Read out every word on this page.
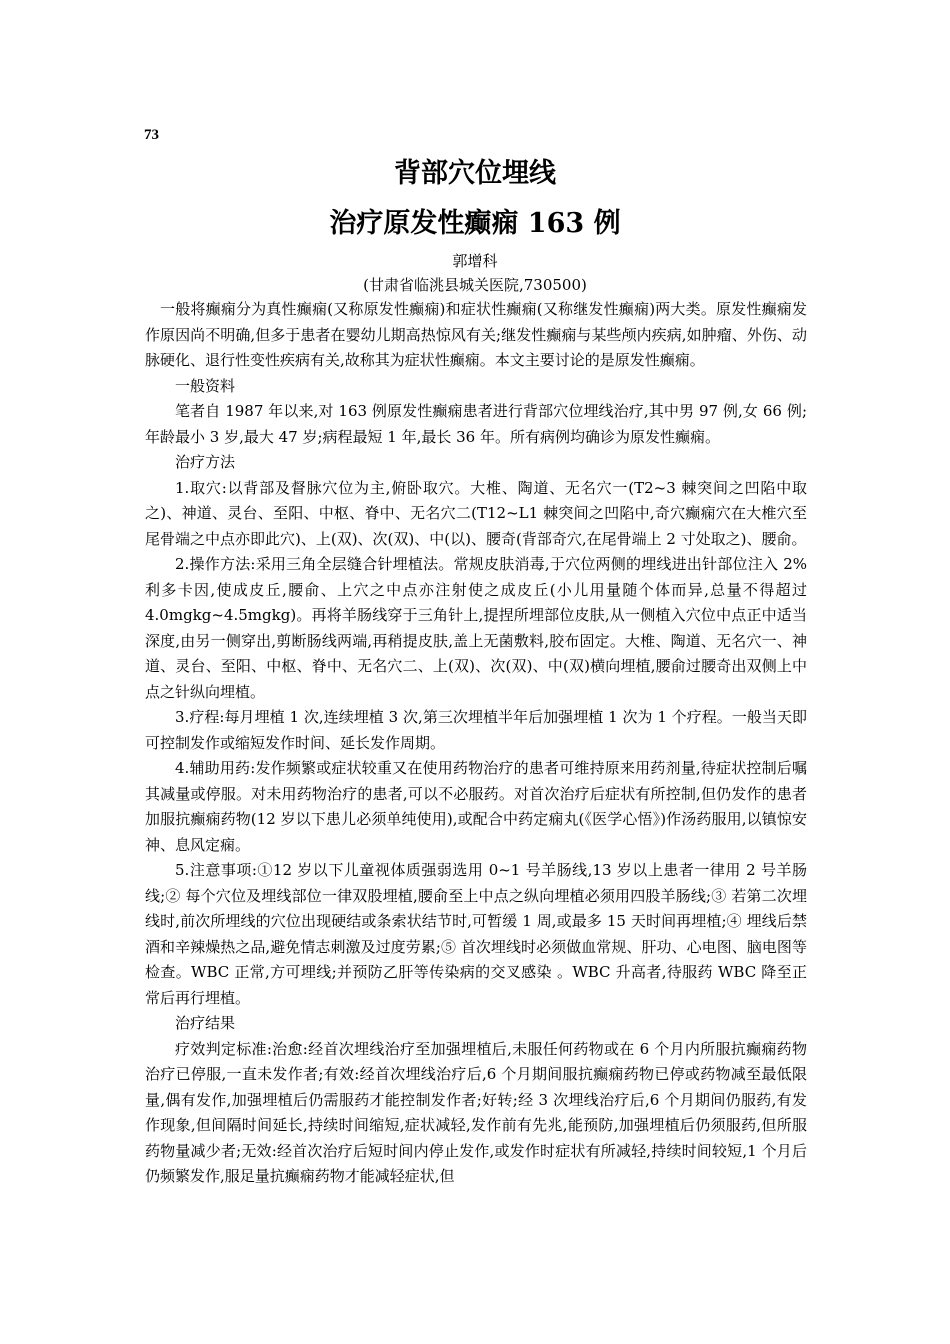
73
背部穴位埋线
治疗原发性癫痫 163 例
郭增科
(甘肃省临洮县城关医院,730500)

一般将癫痫分为真性癫痫(又称原发性癫痫)和症状性癫痫(又称继发性癫痫)两大类。原发性癫痫发作原因尚不明确,但多于患者在婴幼儿期高热惊风有关;继发性癫痫与某些颅内疾病,如肿瘤、外伤、动脉硬化、退行性变性疾病有关,故称其为症状性癫痫。本文主要讨论的是原发性癫痫。

一般资料

笔者自 1987 年以来,对 163 例原发性癫痫患者进行背部穴位埋线治疗,其中男 97 例,女 66 例;年龄最小 3 岁,最大 47 岁;病程最短 1 年,最长 36 年。所有病例均确诊为原发性癫痫。

治疗方法

1.取穴:以背部及督脉穴位为主,俯卧取穴。大椎、陶道、无名穴一(T2~3 棘突间之凹陷中取之)、神道、灵台、至阳、中枢、脊中、无名穴二(T12~L1 棘突间之凹陷中,奇穴癫痫穴在大椎穴至尾骨端之中点亦即此穴)、上(双)、次(双)、中(以)、腰奇(背部奇穴,在尾骨端上 2 寸处取之)、腰俞。

2.操作方法:采用三角全层缝合针埋植法。常规皮肤消毒,于穴位两侧的埋线进出针部位注入 2%利多卡因,使成皮丘,腰俞、上穴之中点亦注射使之成皮丘(小儿用量随个体而异,总量不得超过 4.0mgkg~4.5mgkg)。再将羊肠线穿于三角针上,提捏所埋部位皮肤,从一侧植入穴位中点正中适当深度,由另一侧穿出,剪断肠线两端,再稍提皮肤,盖上无菌敷料,胶布固定。大椎、陶道、无名穴一、神道、灵台、至阳、中枢、脊中、无名穴二、上(双)、次(双)、中(双)横向埋植,腰俞过腰奇出双侧上中点之针纵向埋植。

3.疗程:每月埋植 1 次,连续埋植 3 次,第三次埋植半年后加强埋植 1 次为 1 个疗程。一般当天即可控制发作或缩短发作时间、延长发作周期。

4.辅助用药:发作频繁或症状较重又在使用药物治疗的患者可维持原来用药剂量,待症状控制后嘱其减量或停服。对未用药物治疗的患者,可以不必服药。对首次治疗后症状有所控制,但仍发作的患者加服抗癫痫药物(12 岁以下患儿必须单纯使用),或配合中药定痫丸(《医学心悟》)作汤药服用,以镇惊安神、息风定痫。

5.注意事项:①12 岁以下儿童视体质强弱选用 0~1 号羊肠线,13 岁以上患者一律用 2 号羊肠线;② 每个穴位及埋线部位一律双股埋植,腰俞至上中点之纵向埋植必须用四股羊肠线;③ 若第二次埋线时,前次所埋线的穴位出现硬结或条索状结节时,可暂缓 1 周,或最多 15 天时间再埋植;④ 埋线后禁酒和辛辣燥热之品,避免情志刺激及过度劳累;⑤ 首次埋线时必须做血常规、肝功、心电图、脑电图等检查。WBC 正常,方可埋线;并预防乙肝等传染病的交叉感染 。WBC 升高者,待服药 WBC 降至正常后再行埋植。

治疗结果

疗效判定标准:治愈:经首次埋线治疗至加强埋植后,未服任何药物或在 6 个月内所服抗癫痫药物治疗已停服,一直未发作者;有效:经首次埋线治疗后,6 个月期间服抗癫痫药物已停或药物减至最低限量,偶有发作,加强埋植后仍需服药才能控制发作者;好转;经 3 次埋线治疗后,6 个月期间仍服药,有发作现象,但间隔时间延长,持续时间缩短,症状减轻,发作前有先兆,能预防,加强埋植后仍须服药,但所服药物量减少者;无效:经首次治疗后短时间内停止发作,或发作时症状有所减轻,持续时间较短,1 个月后仍频繁发作,服足量抗癫痫药物才能减轻症状,但
